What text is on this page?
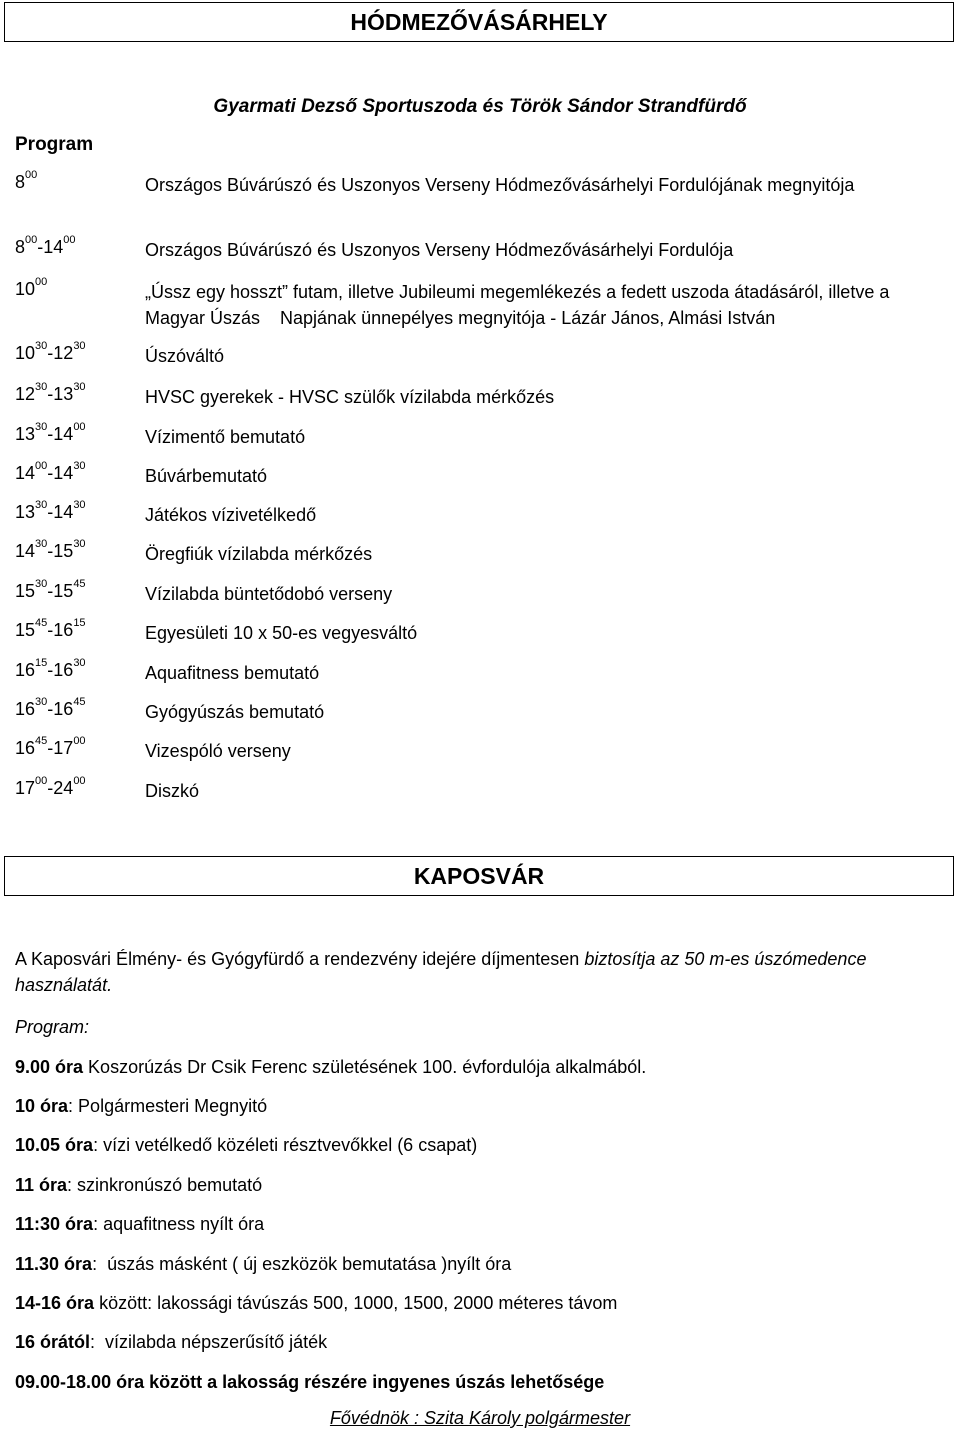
HÓDMEZŐVÁSÁRHELY
Gyarmati Dezső Sportuszoda és Török Sándor Strandfürdő
Program
$8^{00}$	Országos Búvárúszó és Uszonyos Verseny Hódmezővásárhelyi Fordulójának megnyitója
$8^{00}-14^{00}$	Országos Búvárúszó és Uszonyos Verseny Hódmezővásárhelyi Fordulója
$10^{00}$	„Ússz egy hosszt” futam, illetve Jubileumi megemlékezés a fedett uszoda átadásáról, illetve a Magyar Úszás    Napjának ünnepélyes megnyitója - Lázár János, Almási István
$10^{30}-12^{30}$	Úszóváltó
$12^{30}-13^{30}$	HVSC gyerekek - HVSC szülők vízilabda mérkőzés
$13^{30}-14^{00}$	Vízimentő bemutató
$14^{00}-14^{30}$	Búvárbemutató
$13^{30}-14^{30}$	Játékos vízivetélkedő
$14^{30}-15^{30}$	Öregfiúk vízilabda mérkőzés
$15^{30}-15^{45}$	Vízilabda büntetődobó verseny
$15^{45}-16^{15}$	Egyesületi 10 x 50-es vegyesváltó
$16^{15}-16^{30}$	Aquafitness bemutató
$16^{30}-16^{45}$	Gyógyúszás bemutató
$16^{45}-17^{00}$	Vizespóló verseny
$17^{00}-24^{00}$	Diszkó
KAPOSVÁR
A Kaposvári Élmény- és Gyógyfürdő a rendezvény idejére díjmentesen biztosítja az 50 m-es úszómedence használatát.
Program:
9.00 óra Koszorúzás Dr Csik Ferenc születésének 100. évfordulója alkalmából.
10 óra: Polgármesteri Megnyitó
10.05 óra: vízi vetélkedő közéleti résztvevőkkel (6 csapat)
11 óra: szinkronúszó bemutató
11:30 óra: aquafitness nyílt óra
11.30 óra:  úszás másként ( új eszközök bemutatása )nyílt óra
14-16 óra között: lakossági távúszás 500, 1000, 1500, 2000 méteres távom
16 órától:  vízilabda népszerűsítő játék
09.00-18.00 óra között a lakosság részére ingyenes úszás lehetősége
Fővédnök : Szita Károly polgármester
